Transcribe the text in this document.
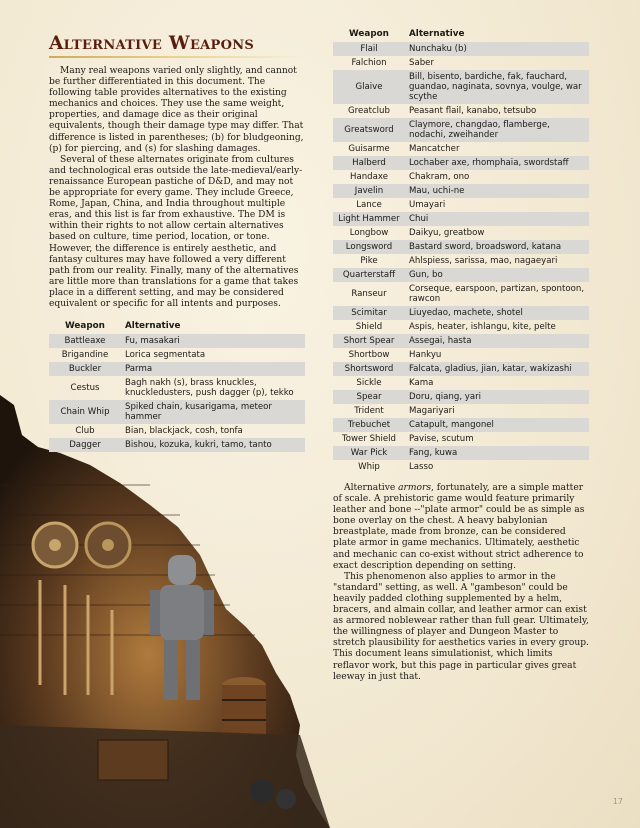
Alternative Weapons

Many real weapons varied only slightly, and cannot be further differentiated in this document. The following table provides alternatives to the existing mechanics and choices. They use the same weight, properties, and damage dice as their original equivalents, though their damage type may differ. That difference is listed in parentheses; (b) for bludgeoning, (p) for piercing, and (s) for slashing damages.

Several of these alternates originate from cultures and technological eras outside the late-medieval/early-renaissance European pastiche of D&D, and may not be appropriate for every game. They include Greece, Rome, Japan, China, and India throughout multiple eras, and this list is far from exhaustive. The DM is within their rights to not allow certain alternatives based on culture, time period, location, or tone. However, the difference is entirely aesthetic, and fantasy cultures may have followed a very different path from our reality. Finally, many of the alternatives are little more than translations for a game that takes place in a different setting, and may be considered equivalent or specific for all intents and purposes.

Weapon	Alternative
Battleaxe	Fu, masakari
Brigandine	Lorica segmentata
Buckler	Parma
Cestus	Bagh nakh (s), brass knuckles, knuckledusters, push dagger (p), tekko
Chain Whip	Spiked chain, kusarigama, meteor hammer
Club	Bian, blackjack, cosh, tonfa
Dagger	Bishou, kozuka, kukri, tamo, tanto
Weapon	Alternative
Flail	Nunchaku (b)
Falchion	Saber
Glaive	Bill, bisento, bardiche, fak, fauchard, guandao, naginata, sovnya, voulge, war scythe
Greatclub	Peasant flail, kanabo, tetsubo
Greatsword	Claymore, changdao, flamberge, nodachi, zweihander
Guisarme	Mancatcher
Halberd	Lochaber axe, rhomphaia, swordstaff
Handaxe	Chakram, ono
Javelin	Mau, uchi-ne
Lance	Umayari
Light Hammer	Chui
Longbow	Daikyu, greatbow
Longsword	Bastard sword, broadsword, katana
Pike	Ahlspiess, sarissa, mao, nagaeyari
Quarterstaff	Gun, bo
Ranseur	Corseque, earspoon, partizan, spontoon, rawcon
Scimitar	Liuyedao, machete, shotel
Shield	Aspis, heater, ishlangu, kite, pelte
Short Spear	Assegai, hasta
Shortbow	Hankyu
Shortsword	Falcata, gladius, jian, katar, wakizashi
Sickle	Kama
Spear	Doru, qiang, yari
Trident	Magariyari
Trebuchet	Catapult, mangonel
Tower Shield	Pavise, scutum
War Pick	Fang, kuwa
Whip	Lasso

Alternative armors, fortunately, are a simple matter of scale. A prehistoric game would feature primarily leather and bone --"plate armor" could be as simple as bone overlay on the chest. A heavy babylonian breastplate, made from bronze, can be considered plate armor in game mechanics. Ultimately, aesthetic and mechanic can co-exist without strict adherence to exact description depending on setting.

This phenomenon also applies to armor in the "standard" setting, as well. A "gambeson" could be heavily padded clothing supplemented by a helm, bracers, and almain collar, and leather armor can exist as armored noblewear rather than full gear. Ultimately, the willingness of player and Dungeon Master to stretch plausibility for aesthetics varies in every group. This document leans simulationist, which limits reflavor work, but this page in particular gives great leeway in just that.

17
